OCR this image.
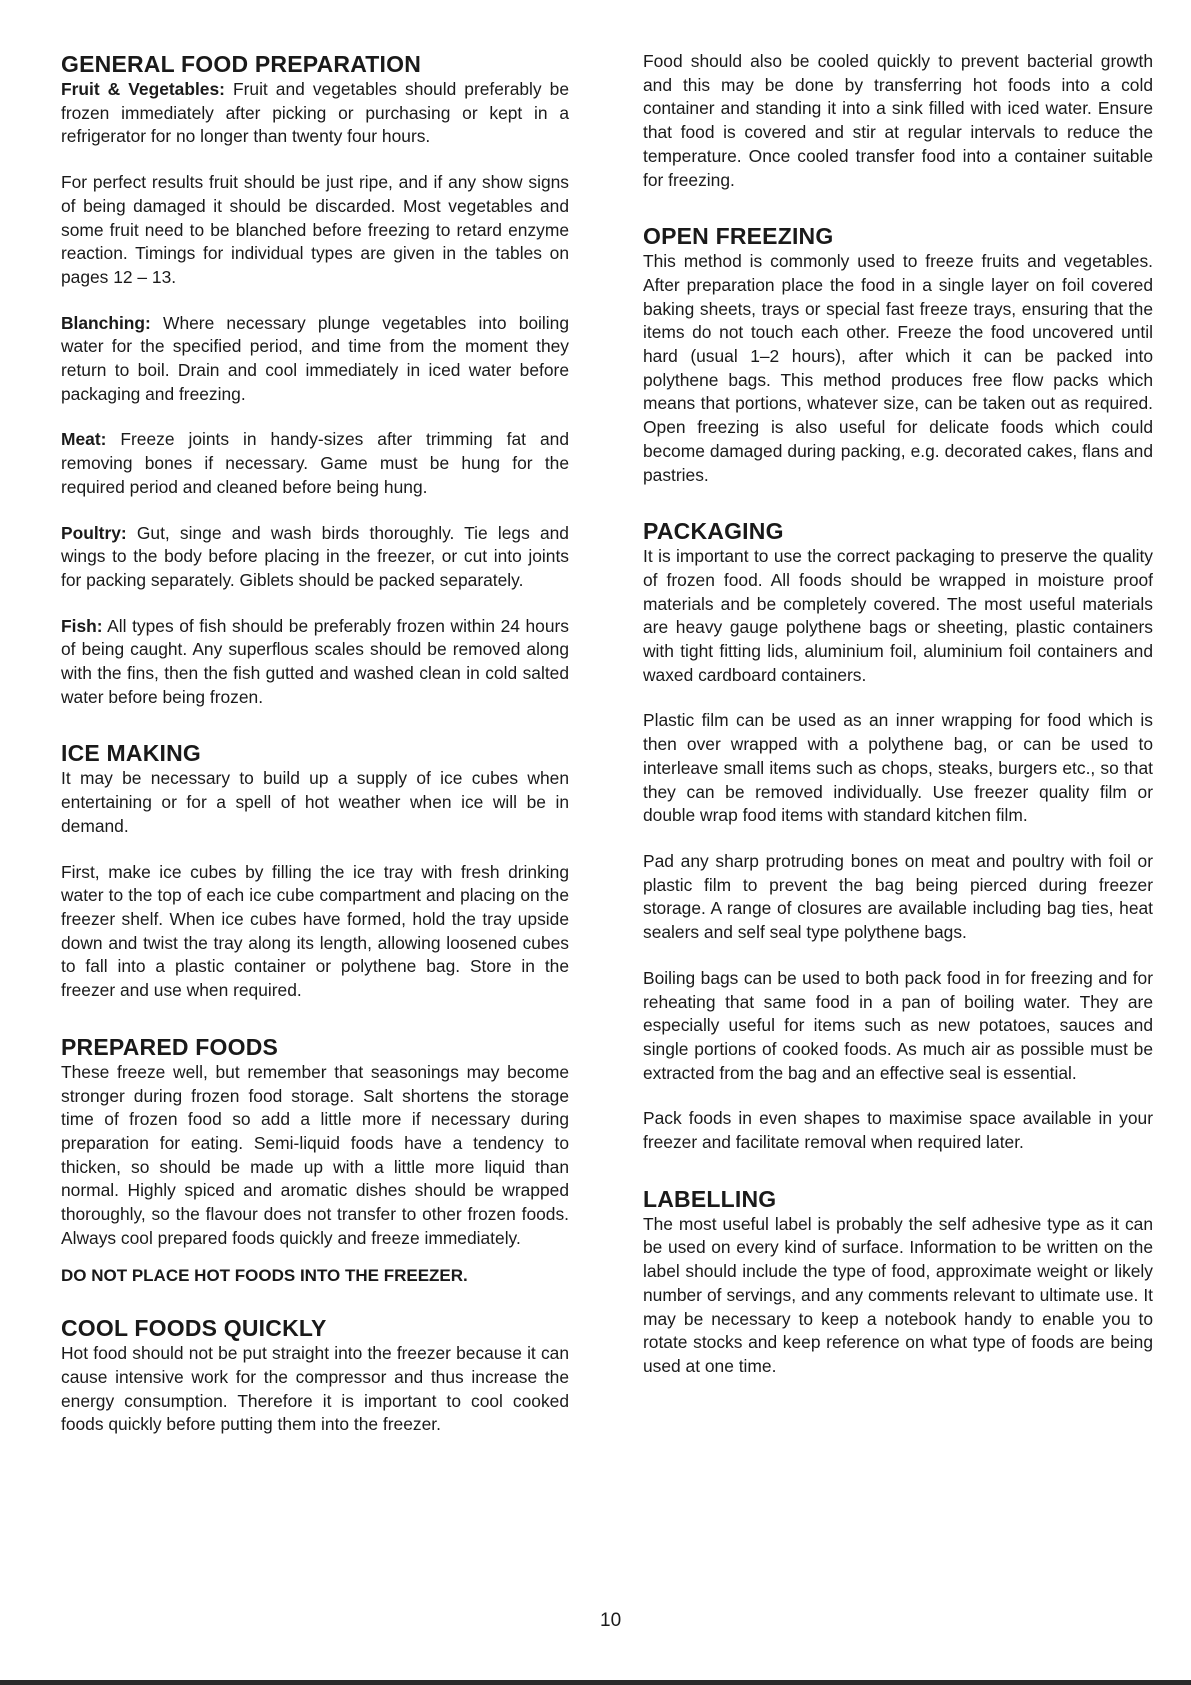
GENERAL FOOD PREPARATION

Fruit & Vegetables: Fruit and vegetables should preferably be frozen immediately after picking or purchasing or kept in a refrigerator for no longer than twenty four hours.

For perfect results fruit should be just ripe, and if any show signs of being damaged it should be discarded. Most vegetables and some fruit need to be blanched before freezing to retard enzyme reaction. Timings for individual types are given in the tables on pages 12 – 13.

Blanching: Where necessary plunge vegetables into boiling water for the specified period, and time from the moment they return to boil. Drain and cool immediately in iced water before packaging and freezing.

Meat: Freeze joints in handy-sizes after trimming fat and removing bones if necessary. Game must be hung for the required period and cleaned before being hung.

Poultry: Gut, singe and wash birds thoroughly. Tie legs and wings to the body before placing in the freezer, or cut into joints for packing separately. Giblets should be packed separately.

Fish: All types of fish should be preferably frozen within 24 hours of being caught. Any superflous scales should be removed along with the fins, then the fish gutted and washed clean in cold salted water before being frozen.

ICE MAKING

It may be necessary to build up a supply of ice cubes when entertaining or for a spell of hot weather when ice will be in demand.

First, make ice cubes by filling the ice tray with fresh drinking water to the top of each ice cube compartment and placing on the freezer shelf. When ice cubes have formed, hold the tray upside down and twist the tray along its length, allowing loosened cubes to fall into a plastic container or polythene bag. Store in the freezer and use when required.

PREPARED FOODS

These freeze well, but remember that seasonings may become stronger during frozen food storage. Salt shortens the storage time of frozen food so add a little more if necessary during preparation for eating. Semi-liquid foods have a tendency to thicken, so should be made up with a little more liquid than normal. Highly spiced and aromatic dishes should be wrapped thoroughly, so the flavour does not transfer to other frozen foods. Always cool prepared foods quickly and freeze immediately.

DO NOT PLACE HOT FOODS INTO THE FREEZER.

COOL FOODS QUICKLY

Hot food should not be put straight into the freezer because it can cause intensive work for the compressor and thus increase the energy consumption. Therefore it is important to cool cooked foods quickly before putting them into the freezer.

Food should also be cooled quickly to prevent bacterial growth and this may be done by transferring hot foods into a cold container and standing it into a sink filled with iced water. Ensure that food is covered and stir at regular intervals to reduce the temperature. Once cooled transfer food into a container suitable for freezing.

OPEN FREEZING

This method is commonly used to freeze fruits and vegetables. After preparation place the food in a single layer on foil covered baking sheets, trays or special fast freeze trays, ensuring that the items do not touch each other. Freeze the food uncovered until hard (usual 1–2 hours), after which it can be packed into polythene bags. This method produces free flow packs which means that portions, whatever size, can be taken out as required. Open freezing is also useful for delicate foods which could become damaged during packing, e.g. decorated cakes, flans and pastries.

PACKAGING

It is important to use the correct packaging to preserve the quality of frozen food. All foods should be wrapped in moisture proof materials and be completely covered. The most useful materials are heavy gauge polythene bags or sheeting, plastic containers with tight fitting lids, aluminium foil, aluminium foil containers and waxed cardboard containers.

Plastic film can be used as an inner wrapping for food which is then over wrapped with a polythene bag, or can be used to interleave small items such as chops, steaks, burgers etc., so that they can be removed individually. Use freezer quality film or double wrap food items with standard kitchen film.

Pad any sharp protruding bones on meat and poultry with foil or plastic film to prevent the bag being pierced during freezer storage. A range of closures are available including bag ties, heat sealers and self seal type polythene bags.

Boiling bags can be used to both pack food in for freezing and for reheating that same food in a pan of boiling water. They are especially useful for items such as new potatoes, sauces and single portions of cooked foods. As much air as possible must be extracted from the bag and an effective seal is essential.

Pack foods in even shapes to maximise space available in your freezer and facilitate removal when required later.

LABELLING

The most useful label is probably the self adhesive type as it can be used on every kind of surface. Information to be written on the label should include the type of food, approximate weight or likely number of servings, and any comments relevant to ultimate use. It may be necessary to keep a notebook handy to enable you to rotate stocks and keep reference on what type of foods are being used at one time.

10
